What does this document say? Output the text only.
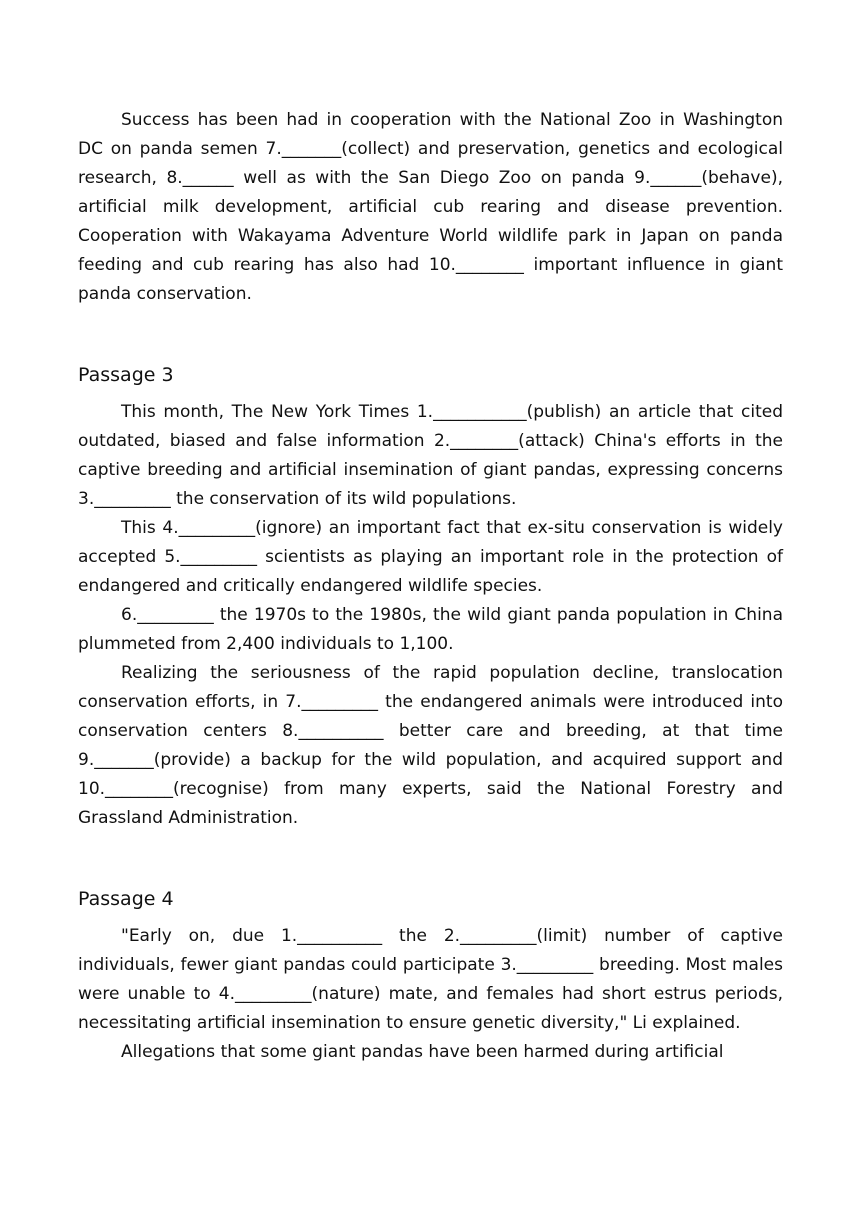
Success has been had in cooperation with the National Zoo in Washington DC on panda semen 7._______(collect) and preservation, genetics and ecological research, 8.______ well as with the San Diego Zoo on panda 9.______(behave), artificial milk development, artificial cub rearing and disease prevention. Cooperation with Wakayama Adventure World wildlife park in Japan on panda feeding and cub rearing has also had 10.________ important influence in giant panda conservation.

Passage 3

This month, The New York Times 1.___________(publish) an article that cited outdated, biased and false information 2.________(attack) China's efforts in the captive breeding and artificial insemination of giant pandas, expressing concerns 3._________ the conservation of its wild populations.

This 4._________(ignore) an important fact that ex-situ conservation is widely accepted 5._________ scientists as playing an important role in the protection of endangered and critically endangered wildlife species.

6._________ the 1970s to the 1980s, the wild giant panda population in China plummeted from 2,400 individuals to 1,100.

Realizing the seriousness of the rapid population decline, translocation conservation efforts, in 7._________ the endangered animals were introduced into conservation centers 8.__________ better care and breeding, at that time 9._______(provide) a backup for the wild population, and acquired support and 10.________(recognise) from many experts, said the National Forestry and Grassland Administration.

Passage 4

"Early on, due 1.__________ the 2._________(limit) number of captive individuals, fewer giant pandas could participate 3._________ breeding. Most males were unable to 4._________(nature) mate, and females had short estrus periods, necessitating artificial insemination to ensure genetic diversity," Li explained.

Allegations that some giant pandas have been harmed during artificial
